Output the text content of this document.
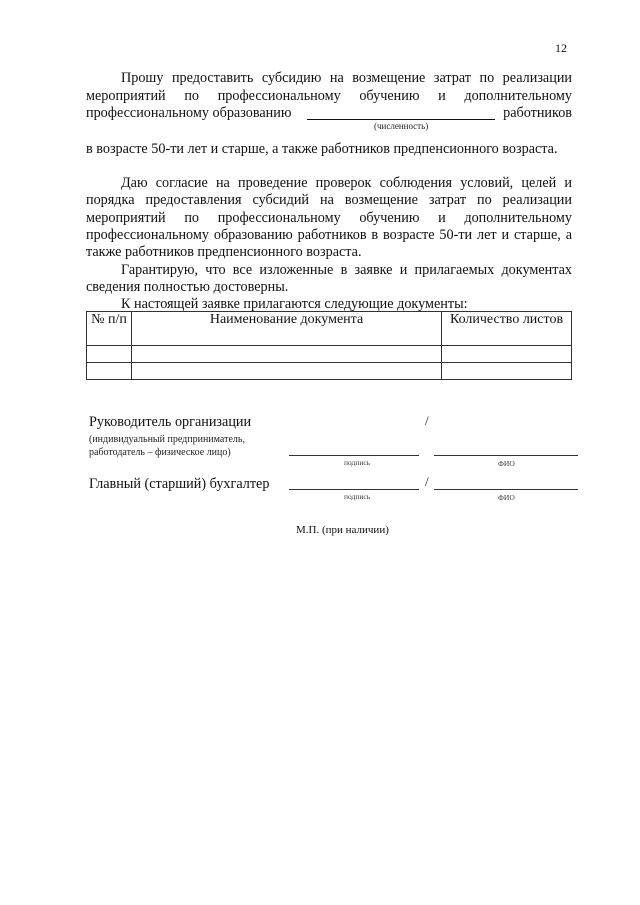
12
Прошу предоставить субсидию на возмещение затрат по реализации
мероприятий по профессиональному обучению и дополнительному
профессиональному образованию	работников
(численность)
в возрасте 50-ти лет и старше, а также работников предпенсионного возраста.
Даю согласие на проведение проверок соблюдения условий, целей и порядка предоставления субсидий на возмещение затрат по реализации мероприятий по профессиональному обучению и дополнительному профессиональному образованию работников в возрасте 50-ти лет и старше, а также работников предпенсионного возраста.
Гарантирую, что все изложенные в заявке и прилагаемых документах сведения полностью достоверны.
К настоящей заявке прилагаются следующие документы:
№ п/п	Наименование документа	Количество листов

Руководитель организации
(индивидуальный предприниматель, работодатель – физическое лицо)
/
подпись	ФИО
Главный (старший) бухгалтер	/
подпись	ФИО
М.П. (при наличии)
